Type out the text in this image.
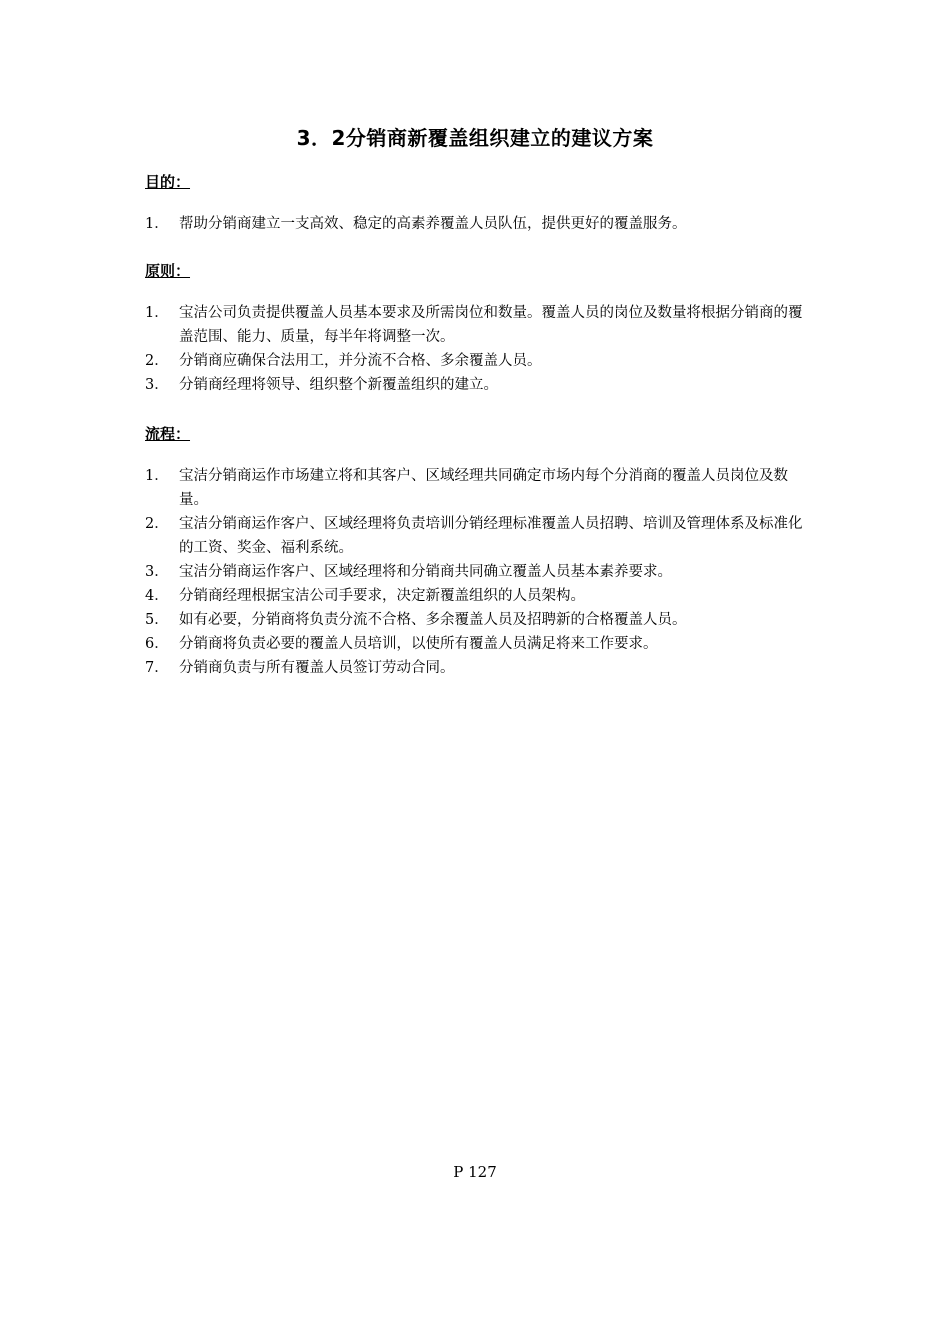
3．2分销商新覆盖组织建立的建议方案
目的：
1． 帮助分销商建立一支高效、稳定的高素养覆盖人员队伍，提供更好的覆盖服务。
原则：
1． 宝洁公司负责提供覆盖人员基本要求及所需岗位和数量。覆盖人员的岗位及数量将根据分销商的覆盖范围、能力、质量，每半年将调整一次。
2． 分销商应确保合法用工，并分流不合格、多余覆盖人员。
3． 分销商经理将领导、组织整个新覆盖组织的建立。
流程：
1． 宝洁分销商运作市场建立将和其客户、区域经理共同确定市场内每个分消商的覆盖人员岗位及数量。
2． 宝洁分销商运作客户、区域经理将负责培训分销经理标准覆盖人员招聘、培训及管理体系及标准化的工资、奖金、福利系统。
3． 宝洁分销商运作客户、区域经理将和分销商共同确立覆盖人员基本素养要求。
4． 分销商经理根据宝洁公司手要求，决定新覆盖组织的人员架构。
5． 如有必要，分销商将负责分流不合格、多余覆盖人员及招聘新的合格覆盖人员。
6． 分销商将负责必要的覆盖人员培训，以使所有覆盖人员满足将来工作要求。
7． 分销商负责与所有覆盖人员签订劳动合同。
P 127
